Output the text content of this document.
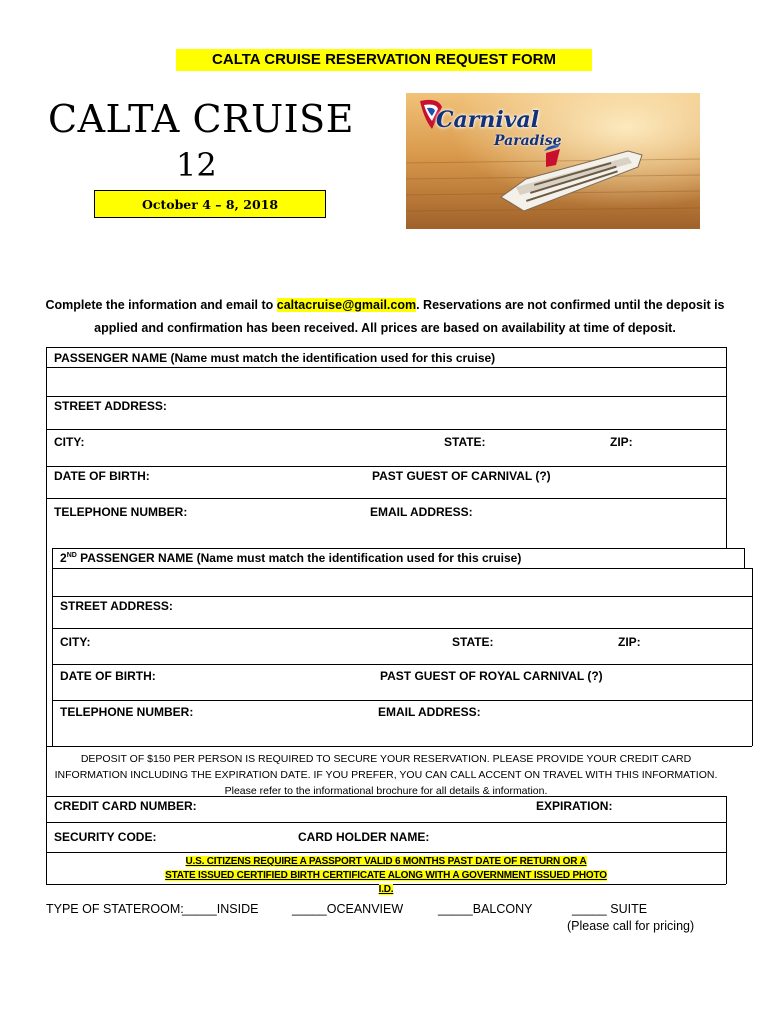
CALTA CRUISE RESERVATION REQUEST FORM
CALTA CRUISE
12
October 4 – 8, 2018
Carnival
Paradise
Complete the information and email to caltacruise@gmail.com. Reservations are not confirmed until the deposit is applied and confirmation has been received. All prices are based on availability at time of deposit.
PASSENGER NAME (Name must match the identification used for this cruise)
STREET ADDRESS:
CITY:	STATE:	ZIP:
DATE OF BIRTH:	PAST GUEST OF CARNIVAL (?)
TELEPHONE NUMBER:	EMAIL ADDRESS:
2ND PASSENGER NAME (Name must match the identification used for this cruise)
STREET ADDRESS:
CITY:	STATE:	ZIP:
DATE OF BIRTH:	PAST GUEST OF ROYAL CARNIVAL (?)
TELEPHONE NUMBER:	EMAIL ADDRESS:
DEPOSIT OF $150 PER PERSON IS REQUIRED TO SECURE YOUR RESERVATION. PLEASE PROVIDE YOUR CREDIT CARD
INFORMATION INCLUDING THE EXPIRATION DATE. IF YOU PREFER, YOU CAN CALL ACCENT ON TRAVEL WITH THIS INFORMATION.
Please refer to the informational brochure for all details & information.
CREDIT CARD NUMBER:	EXPIRATION:
SECURITY CODE:	CARD HOLDER NAME:
U.S. CITIZENS REQUIRE A PASSPORT VALID 6 MONTHS PAST DATE OF RETURN OR A
STATE ISSUED CERTIFIED BIRTH CERTIFICATE ALONG WITH A GOVERNMENT ISSUED PHOTO I.D.
TYPE OF STATEROOM:
_____INSIDE	_____OCEANVIEW	_____BALCONY	_____ SUITE
(Please call for pricing)
